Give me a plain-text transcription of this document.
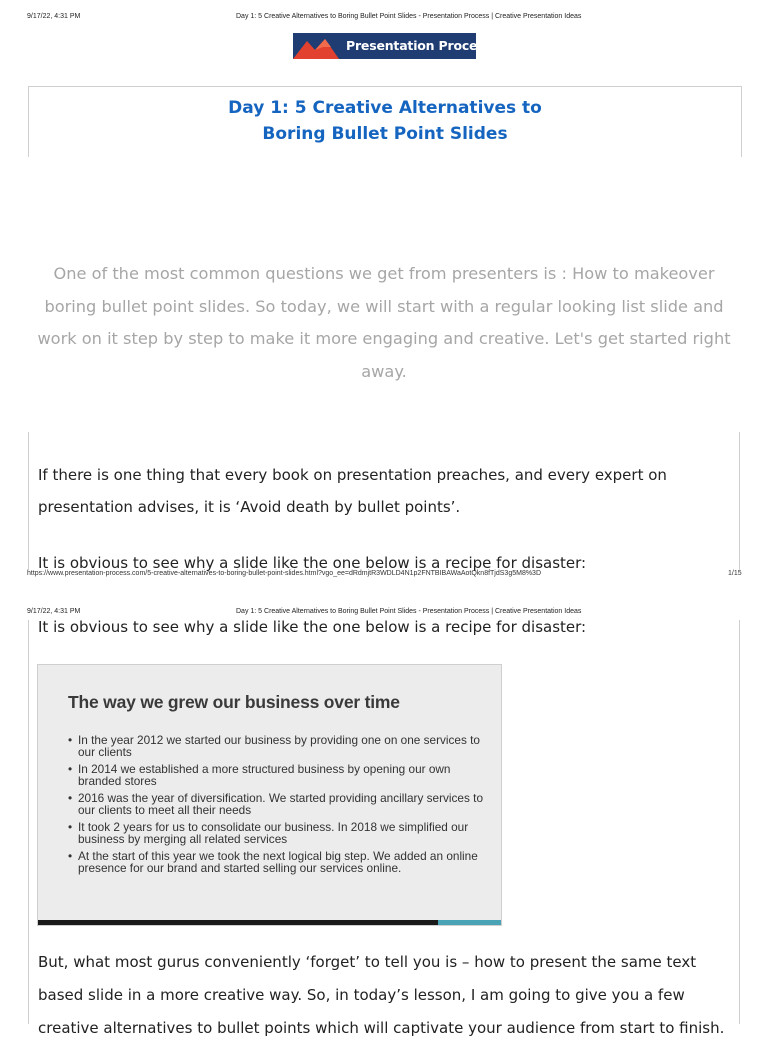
9/17/22, 4:31 PM	Day 1: 5 Creative Alternatives to Boring Bullet Point Slides - Presentation Process | Creative Presentation Ideas
Presentation Process
Day 1: 5 Creative Alternatives to
Boring Bullet Point Slides
One of the most common questions we get from presenters is : How to makeover boring bullet point slides. So today, we will start with a regular looking list slide and work on it step by step to make it more engaging and creative. Let's get started right away.
If there is one thing that every book on presentation preaches, and every expert on presentation advises, it is ‘Avoid death by bullet points’.
It is obvious to see why a slide like the one below is a recipe for disaster:
https://www.presentation-process.com/5-creative-alternatives-to-boring-bullet-point-slides.html?vgo_ee=dRdmjtR3WDLD4N1p2FNTBIBAWaAotQkn8fTjdS3g5M8%3D	1/15
9/17/22, 4:31 PM	Day 1: 5 Creative Alternatives to Boring Bullet Point Slides - Presentation Process | Creative Presentation Ideas
It is obvious to see why a slide like the one below is a recipe for disaster:
The way we grew our business over time
• In the year 2012 we started our business by providing one on one services to our clients
• In 2014 we established a more structured business by opening our own branded stores
• 2016 was the year of diversification. We started providing ancillary services to our clients to meet all their needs
• It took 2 years for us to consolidate our business. In 2018 we simplified our business by merging all related services
• At the start of this year we took the next logical big step. We added an online presence for our brand and started selling our services online.
But, what most gurus conveniently ‘forget’ to tell you is – how to present the same text based slide in a more creative way. So, in today’s lesson, I am going to give you a few creative alternatives to bullet points which will captivate your audience from start to finish.
